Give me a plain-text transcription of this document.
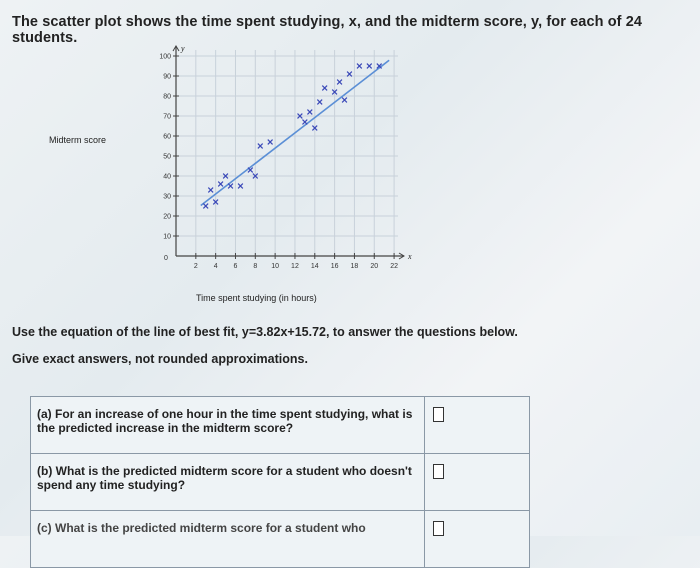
The scatter plot shows the time spent studying, x, and the midterm score, y, for each of 24 students.
Midterm score
y
x
10
20
30
40
50
60
70
80
90
100
2 4 6 8 10 12 14 16 18 20 22
0
Time spent studying (in hours)
Use the equation of the line of best fit, y=3.82x+15.72, to answer the questions below.
Give exact answers, not rounded approximations.
(a) For an increase of one hour in the time spent studying, what is the predicted increase in the midterm score?	
(b) What is the predicted midterm score for a student who doesn't spend any time studying?	

(c) What is the predicted midterm score for a student who	
